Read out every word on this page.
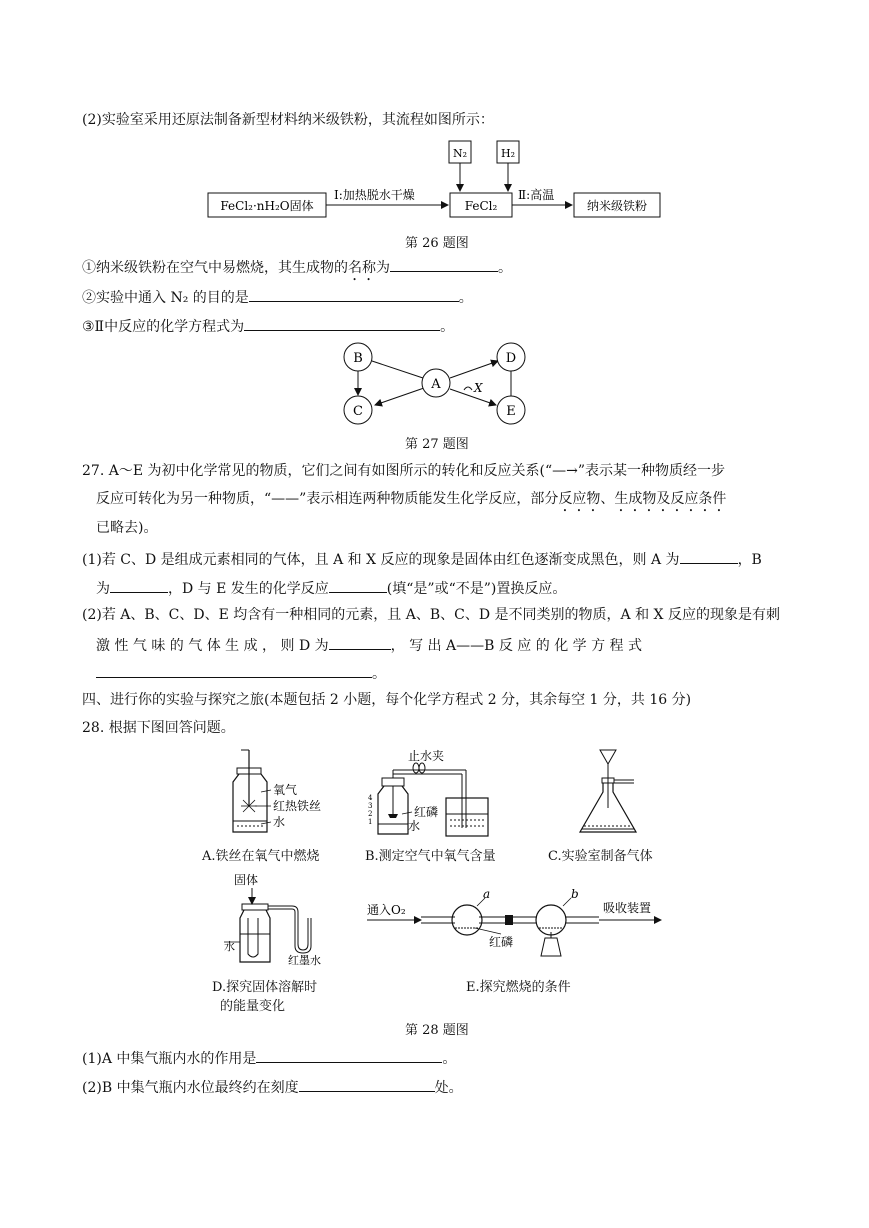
(2)实验室采用还原法制备新型材料纳米级铁粉，其流程如图所示：
FeCl₂·nH₂O固体
Ⅰ:加热脱水干燥
FeCl₂
Ⅱ:高温
纳米级铁粉
N₂	H₂
第 26 题图
①纳米级铁粉在空气中易燃烧，其生成物的名称为	。
②实验中通入 N₂ 的目的是	。
③Ⅱ中反应的化学方程式为	。
B
C
A
D
E
X
第 27 题图
27. A～E 为初中化学常见的物质，它们之间有如图所示的转化和反应关系(“—→”表示某一种物质经一步
反应可转化为另一种物质，“——”表示相连两种物质能发生化学反应，部分反应物、生成物及反应条件
已略去)。
(1)若 C、D 是组成元素相同的气体，且 A 和 X 反应的现象是固体由红色逐渐变成黑色，则 A 为	，B
为	，D 与 E 发生的化学反应	(填“是”或“不是”)置换反应。
(2)若 A、B、C、D、E 均含有一种相同的元素，且 A、B、C、D 是不同类别的物质，A 和 X 反应的现象是有刺
激 性 气 味 的 气 体 生 成 ， 则 D 为	， 写 出 A——B 反 应 的 化 学 方 程 式
。
四、进行你的实验与探究之旅(本题包括 2 小题，每个化学方程式 2 分，其余每空 1 分，共 16 分)
28. 根据下图回答问题。
氧气
红热铁丝
水
A.铁丝在氧气中燃烧
止水夹
4
3
2
1
红磷
水
B.测定空气中氧气含量	C.实验室制备气体
固体
水
红墨水
D.探究固体溶解时
的能量变化
通入O₂
a	b
红磷
吸收装置
E.探究燃烧的条件
第 28 题图
(1)A 中集气瓶内水的作用是	。
(2)B 中集气瓶内水位最终约在刻度	处。
